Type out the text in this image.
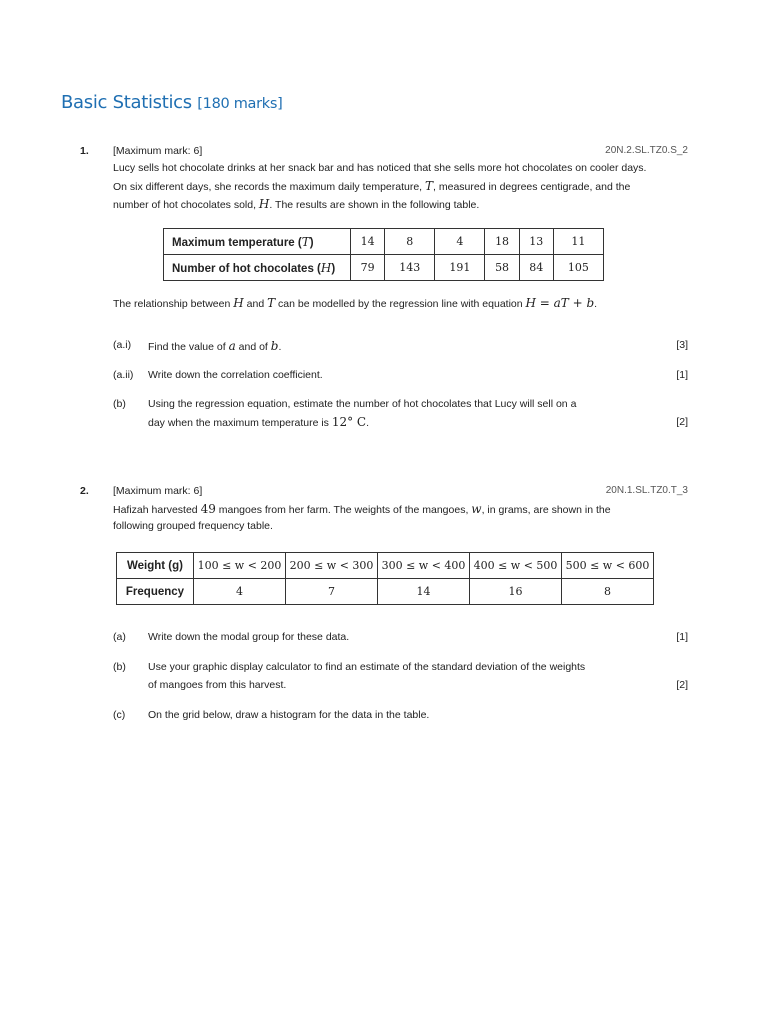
Basic Statistics [180 marks]
1. [Maximum mark: 6]	20N.2.SL.TZ0.S_2
Lucy sells hot chocolate drinks at her snack bar and has noticed that she sells more hot chocolates on cooler days.
On six different days, she records the maximum daily temperature, T, measured in degrees centigrade, and the
number of hot chocolates sold, H. The results are shown in the following table.
Maximum temperature (T)	14	8	4	18	13	11
Number of hot chocolates (H)	79	143	191	58	84	105
The relationship between H and T can be modelled by the regression line with equation H = aT + b.
(a.i) Find the value of a and of b.	[3]
(a.ii) Write down the correlation coefficient.	[1]
(b) Using the regression equation, estimate the number of hot chocolates that Lucy will sell on a
day when the maximum temperature is 12° C.	[2]
2. [Maximum mark: 6]	20N.1.SL.TZ0.T_3
Hafizah harvested 49 mangoes from her farm. The weights of the mangoes, w, in grams, are shown in the
following grouped frequency table.
Weight (g)	100 ≤ w < 200	200 ≤ w < 300	300 ≤ w < 400	400 ≤ w < 500	500 ≤ w < 600
Frequency	4	7	14	16	8
(a) Write down the modal group for these data.	[1]
(b) Use your graphic display calculator to find an estimate of the standard deviation of the weights
of mangoes from this harvest.	[2]
(c) On the grid below, draw a histogram for the data in the table.
